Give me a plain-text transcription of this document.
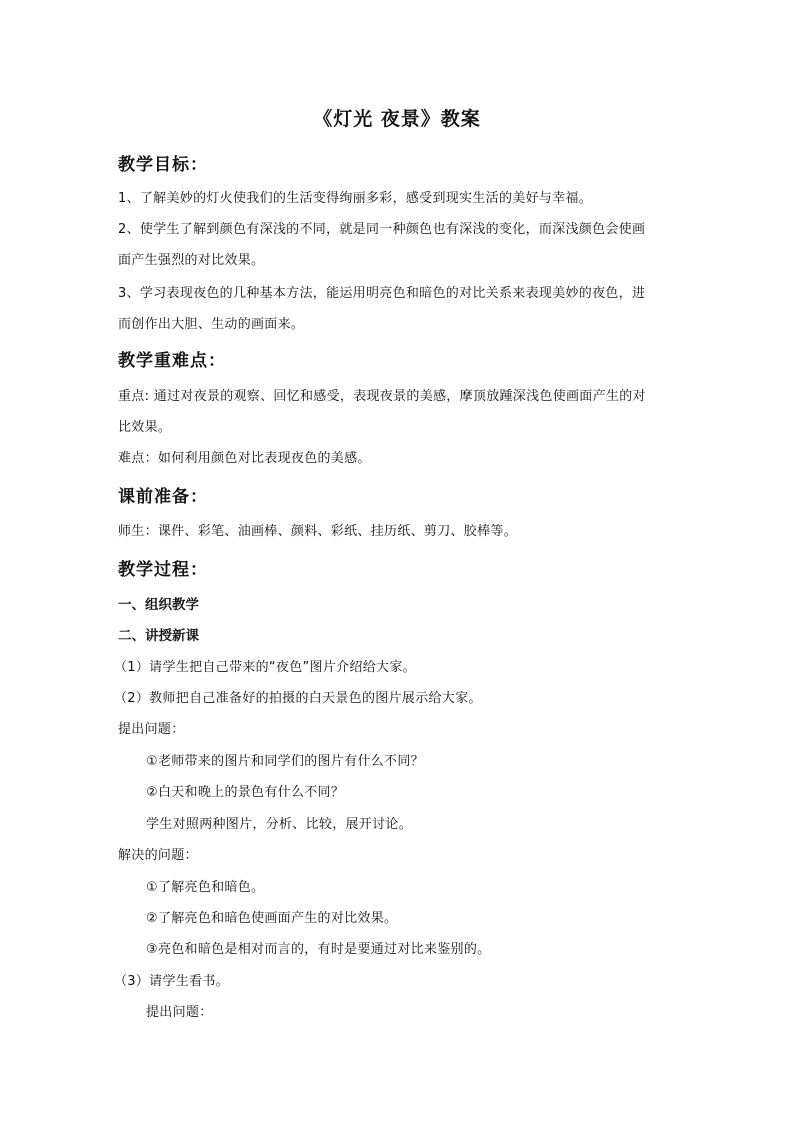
《灯光 夜景》教案
教学目标：
1、了解美妙的灯火使我们的生活变得绚丽多彩，感受到现实生活的美好与幸福。
2、使学生了解到颜色有深浅的不同，就是同一种颜色也有深浅的变化，而深浅颜色会使画
面产生强烈的对比效果。
3、学习表现夜色的几种基本方法，能运用明亮色和暗色的对比关系来表现美妙的夜色，进
而创作出大胆、生动的画面来。
教学重难点：
重点: 通过对夜景的观察、回忆和感受，表现夜景的美感，摩顶放踵深浅色使画面产生的对
比效果。
难点：如何利用颜色对比表现夜色的美感。
课前准备：
师生：课件、彩笔、油画棒、颜料、彩纸、挂历纸、剪刀、胶棒等。
教学过程：
一、组织教学
二、讲授新课
（1）请学生把自己带来的“夜色”图片介绍给大家。
（2）教师把自己准备好的拍摄的白天景色的图片展示给大家。
提出问题：
①老师带来的图片和同学们的图片有什么不同？
②白天和晚上的景色有什么不同？
学生对照两种图片，分析、比较，展开讨论。
解决的问题：
①了解亮色和暗色。
②了解亮色和暗色使画面产生的对比效果。
③亮色和暗色是相对而言的，有时是要通过对比来鉴别的。
（3）请学生看书。
提出问题：
